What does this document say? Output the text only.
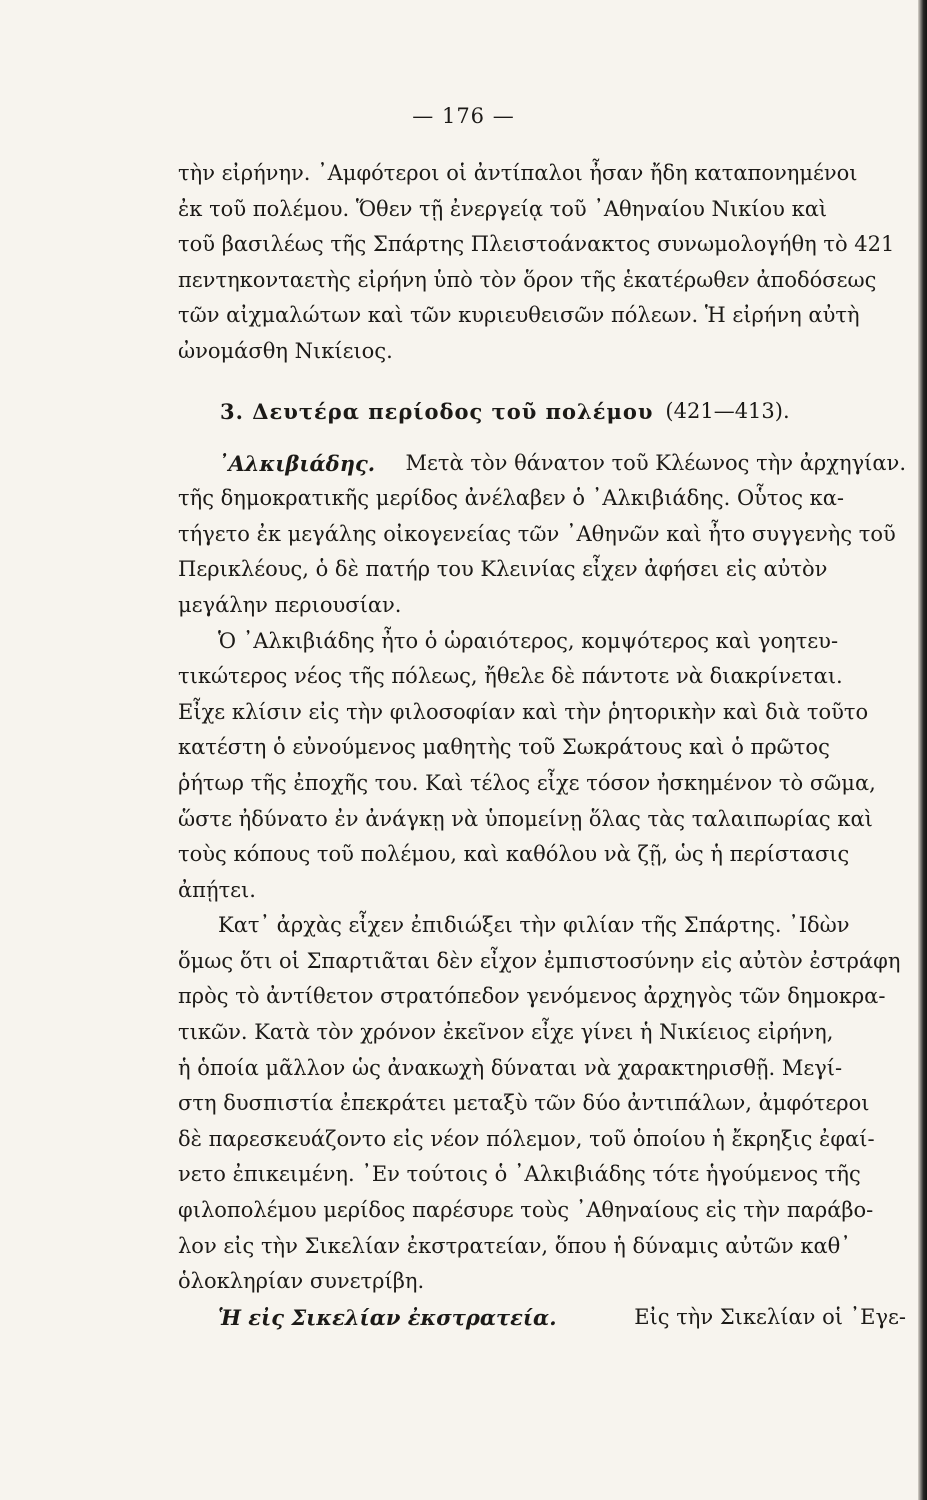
— 176 —
τὴν εἰρήνην. ᾿Αμφότεροι οἱ ἀντίπαλοι ἦσαν ἤδη καταπονημένοι
ἐκ τοῦ πολέμου. Ὅθεν τῇ ἐνεργείᾳ τοῦ ᾿Αθηναίου Νικίου καὶ
τοῦ βασιλέως τῆς Σπάρτης Πλειστοάνακτος συνωμολογήθη τὸ 421
πεντηκονταετὴς εἰρήνη ὑπὸ τὸν ὅρον τῆς ἑκατέρωθεν ἀποδόσεως
τῶν αἰχμαλώτων καὶ τῶν κυριευθεισῶν πόλεων. Ἡ εἰρήνη αὐτὴ
ὠνομάσθη Νικίειος.
3. Δευτέρα περίοδος τοῦ πολέμου (421—413).
᾿Αλκιβιάδης. Μετὰ τὸν θάνατον τοῦ Κλέωνος τὴν ἀρχηγίαν.
τῆς δημοκρατικῆς μερίδος ἀνέλαβεν ὁ ᾿Αλκιβιάδης. Οὗτος κα-
τήγετο ἐκ μεγάλης οἰκογενείας τῶν ᾿Αθηνῶν καὶ ἦτο συγγενὴς τοῦ
Περικλέους, ὁ δὲ πατήρ του Κλεινίας εἶχεν ἀφήσει εἰς αὐτὸν
μεγάλην περιουσίαν.
Ὁ ᾿Αλκιβιάδης ἦτο ὁ ὡραιότερος, κομψότερος καὶ γοητευ-
τικώτερος νέος τῆς πόλεως, ἤθελε δὲ πάντοτε νὰ διακρίνεται.
Εἶχε κλίσιν εἰς τὴν φιλοσοφίαν καὶ τὴν ῥητορικὴν καὶ διὰ τοῦτο
κατέστη ὁ εὐνούμενος μαθητὴς τοῦ Σωκράτους καὶ ὁ πρῶτος
ῥήτωρ τῆς ἐποχῆς του. Καὶ τέλος εἶχε τόσον ἠσκημένον τὸ σῶμα,
ὥστε ἠδύνατο ἐν ἀνάγκῃ νὰ ὑπομείνῃ ὅλας τὰς ταλαιπωρίας καὶ
τοὺς κόπους τοῦ πολέμου, καὶ καθόλου νὰ ζῇ, ὡς ἡ περίστασις
ἀπῄτει.
Κατ᾿ ἀρχὰς εἶχεν ἐπιδιώξει τὴν φιλίαν τῆς Σπάρτης. ᾿Ιδὼν
ὅμως ὅτι οἱ Σπαρτιᾶται δὲν εἶχον ἐμπιστοσύνην εἰς αὐτὸν ἐστράφη
πρὸς τὸ ἀντίθετον στρατόπεδον γενόμενος ἀρχηγὸς τῶν δημοκρα-
τικῶν. Κατὰ τὸν χρόνον ἐκεῖνον εἶχε γίνει ἡ Νικίειος εἰρήνη,
ἡ ὁποία μᾶλλον ὡς ἀνακωχὴ δύναται νὰ χαρακτηρισθῇ. Μεγί-
στη δυσπιστία ἐπεκράτει μεταξὺ τῶν δύο ἀντιπάλων, ἀμφότεροι
δὲ παρεσκευάζοντο εἰς νέον πόλεμον, τοῦ ὁποίου ἡ ἔκρηξις ἐφαί-
νετο ἐπικειμένη. ᾿Εν τούτοις ὁ ᾿Αλκιβιάδης τότε ἡγούμενος τῆς
φιλοπολέμου μερίδος παρέσυρε τοὺς ᾿Αθηναίους εἰς τὴν παράβο-
λον εἰς τὴν Σικελίαν ἐκστρατείαν, ὅπου ἡ δύναμις αὐτῶν καθ᾿
ὁλοκληρίαν συνετρίβη.
Ἡ εἰς Σικελίαν ἐκστρατεία.	Εἰς τὴν Σικελίαν οἱ ᾿Εγε-
